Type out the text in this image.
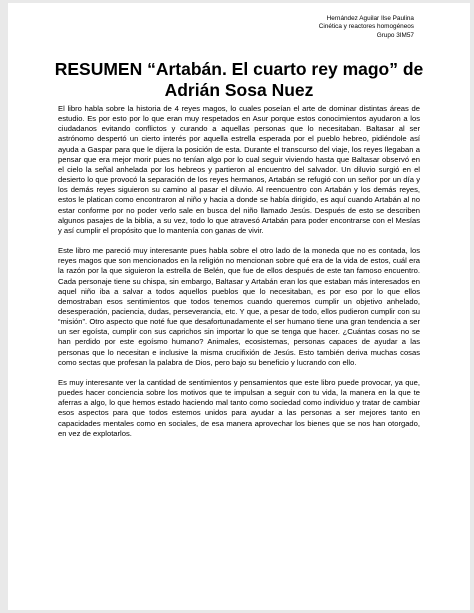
Hernández Aguilar Ilse Paulina
Cinética y reactores homogéneos
Grupo 3IM57
RESUMEN “Artabán. El cuarto rey mago” de
Adrián Sosa Nuez

El libro habla sobre la historia de 4 reyes magos, lo cuales poseían el arte de dominar distintas áreas de estudio. Es por esto por lo que eran muy respetados en Asur porque estos conocimientos ayudaron a los ciudadanos evitando conflictos y curando a aquellas personas que lo necesitaban. Baltasar al ser astrónomo despertó un cierto interés por aquella estrella esperada por el pueblo hebreo, pidiéndole así ayuda a Gaspar para que le dijera la posición de esta. Durante el transcurso del viaje, los reyes llegaban a pensar que era mejor morir pues no tenían algo por lo cual seguir viviendo hasta que Baltasar observó en el cielo la señal anhelada por los hebreos y partieron al encuentro del salvador. Un diluvio surgió en el desierto lo que provocó la separación de los reyes hermanos, Artabán se refugió con un señor por un día y los demás reyes siguieron su camino al pasar el diluvio. Al reencuentro con Artabán y los demás reyes, estos le platican como encontraron al niño y hacia a donde se había dirigido, es aquí cuando Artabán al no estar conforme por no poder verlo sale en busca del niño llamado Jesús. Después de esto se describen algunos pasajes de la biblia, a su vez, todo lo que atravesó Artabán para poder encontrarse con el Mesías y así cumplir el propósito que lo mantenía con ganas de vivir.

Este libro me pareció muy interesante pues habla sobre el otro lado de la moneda que no es contada, los reyes magos que son mencionados en la religión no mencionan sobre qué era de la vida de estos, cuál era la razón por la que siguieron la estrella de Belén, que fue de ellos después de este tan famoso encuentro. Cada personaje tiene su chispa, sin embargo, Baltasar y Artabán eran los que estaban más interesados en aquel niño iba a salvar a todos aquellos pueblos que lo necesitaban, es por eso por lo que ellos demostraban esos sentimientos que todos tenemos cuando queremos cumplir un objetivo anhelado, desesperación, paciencia, dudas, perseverancia, etc. Y que, a pesar de todo, ellos pudieron cumplir con su “misión”. Otro aspecto que noté fue que desafortunadamente el ser humano tiene una gran tendencia a ser un ser egoísta, cumplir con sus caprichos sin importar lo que se tenga que hacer. ¿Cuántas cosas no se han perdido por este egoísmo humano? Animales, ecosistemas, personas capaces de ayudar a las personas que lo necesitan e inclusive la misma crucifixión de Jesús. Esto también deriva muchas cosas como sectas que profesan la palabra de Dios, pero bajo su beneficio y lucrando con ello.

Es muy interesante ver la cantidad de sentimientos y pensamientos que este libro puede provocar, ya que, puedes hacer conciencia sobre los motivos que te impulsan a seguir con tu vida, la manera en la que te aferras a algo, lo que hemos estado haciendo mal tanto como sociedad como individuo y tratar de cambiar esos aspectos para que todos estemos unidos para ayudar a las personas a ser mejores tanto en capacidades mentales como en sociales, de esa manera aprovechar los bienes que se nos han otorgado, en vez de explotarlos.
